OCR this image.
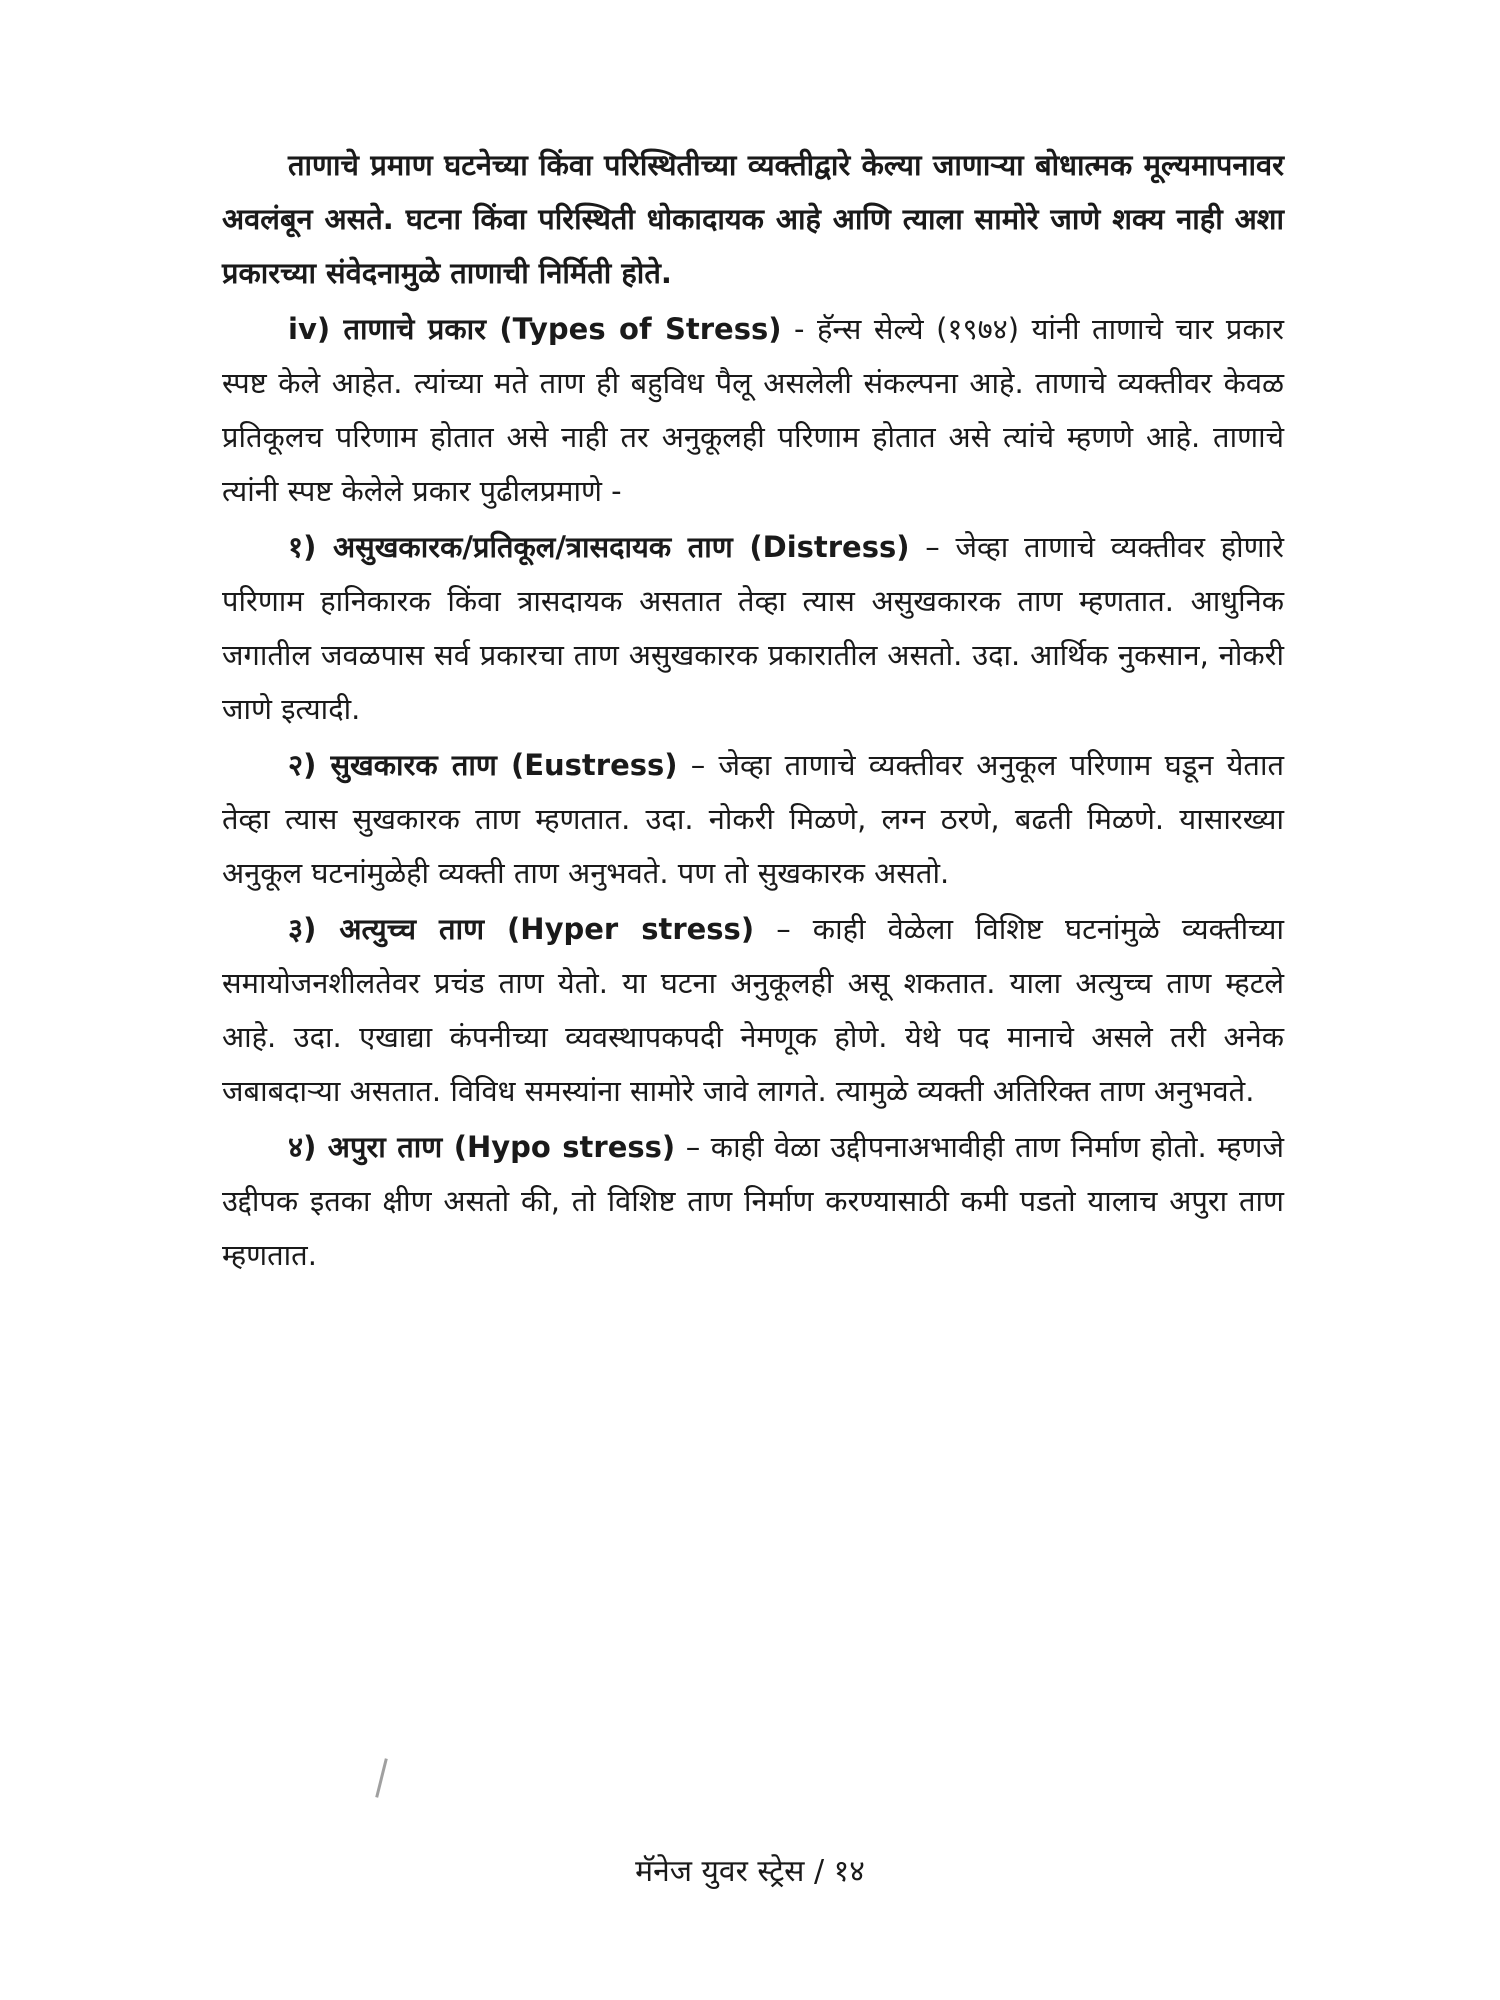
ताणाचे प्रमाण घटनेच्या किंवा परिस्थितीच्या व्यक्तीद्वारे केल्या जाणाऱ्या बोधात्मक मूल्यमापनावर अवलंबून असते. घटना किंवा परिस्थिती धोकादायक आहे आणि त्याला सामोरे जाणे शक्य नाही अशा प्रकारच्या संवेदनामुळे ताणाची निर्मिती होते.

iv) ताणाचे प्रकार (Types of Stress) - हॅन्स सेल्ये (१९७४) यांनी ताणाचे चार प्रकार स्पष्ट केले आहेत. त्यांच्या मते ताण ही बहुविध पैलू असलेली संकल्पना आहे. ताणाचे व्यक्तीवर केवळ प्रतिकूलच परिणाम होतात असे नाही तर अनुकूलही परिणाम होतात असे त्यांचे म्हणणे आहे. ताणाचे त्यांनी स्पष्ट केलेले प्रकार पुढीलप्रमाणे -

१) असुखकारक/प्रतिकूल/त्रासदायक ताण (Distress) – जेव्हा ताणाचे व्यक्तीवर होणारे परिणाम हानिकारक किंवा त्रासदायक असतात तेव्हा त्यास असुखकारक ताण म्हणतात. आधुनिक जगातील जवळपास सर्व प्रकारचा ताण असुखकारक प्रकारातील असतो. उदा. आर्थिक नुकसान, नोकरी जाणे इत्यादी.

२) सुखकारक ताण (Eustress) – जेव्हा ताणाचे व्यक्तीवर अनुकूल परिणाम घडून येतात तेव्हा त्यास सुखकारक ताण म्हणतात. उदा. नोकरी मिळणे, लग्न ठरणे, बढती मिळणे. यासारख्या अनुकूल घटनांमुळेही व्यक्ती ताण अनुभवते. पण तो सुखकारक असतो.

३) अत्युच्च ताण (Hyper stress) – काही वेळेला विशिष्ट घटनांमुळे व्यक्तीच्या समायोजनशीलतेवर प्रचंड ताण येतो. या घटना अनुकूलही असू शकतात. याला अत्युच्च ताण म्हटले आहे. उदा. एखाद्या कंपनीच्या व्यवस्थापकपदी नेमणूक होणे. येथे पद मानाचे असले तरी अनेक जबाबदाऱ्या असतात. विविध समस्यांना सामोरे जावे लागते. त्यामुळे व्यक्ती अतिरिक्त ताण अनुभवते.

४) अपुरा ताण (Hypo stress) – काही वेळा उद्दीपनाअभावीही ताण निर्माण होतो. म्हणजे उद्दीपक इतका क्षीण असतो की, तो विशिष्ट ताण निर्माण करण्यासाठी कमी पडतो यालाच अपुरा ताण म्हणतात.

मॅनेज युवर स्ट्रेस / १४
